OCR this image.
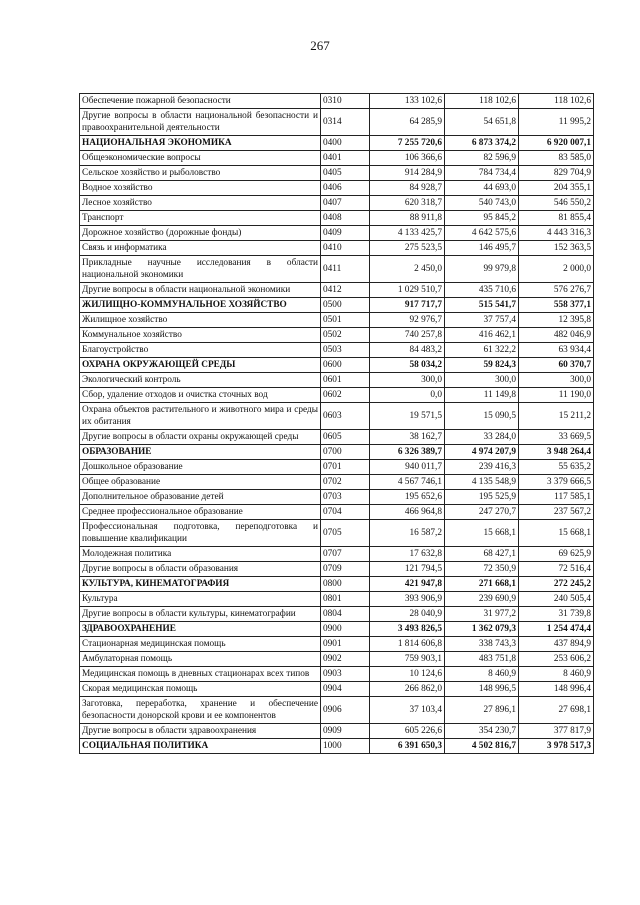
267
Обеспечение пожарной безопасности	0310	133 102,6	118 102,6	118 102,6
Другие вопросы в области национальной безопасности и правоохранительной деятельности	0314	64 285,9	54 651,8	11 995,2
НАЦИОНАЛЬНАЯ ЭКОНОМИКА	0400	7 255 720,6	6 873 374,2	6 920 007,1
Общеэкономические вопросы	0401	106 366,6	82 596,9	83 585,0
Сельское хозяйство и рыболовство	0405	914 284,9	784 734,4	829 704,9
Водное хозяйство	0406	84 928,7	44 693,0	204 355,1
Лесное хозяйство	0407	620 318,7	540 743,0	546 550,2
Транспорт	0408	88 911,8	95 845,2	81 855,4
Дорожное хозяйство (дорожные фонды)	0409	4 133 425,7	4 642 575,6	4 443 316,3
Связь и информатика	0410	275 523,5	146 495,7	152 363,5
Прикладные научные исследования в области национальной экономики	0411	2 450,0	99 979,8	2 000,0
Другие вопросы в области национальной экономики	0412	1 029 510,7	435 710,6	576 276,7
ЖИЛИЩНО-КОММУНАЛЬНОЕ ХОЗЯЙСТВО	0500	917 717,7	515 541,7	558 377,1
Жилищное хозяйство	0501	92 976,7	37 757,4	12 395,8
Коммунальное хозяйство	0502	740 257,8	416 462,1	482 046,9
Благоустройство	0503	84 483,2	61 322,2	63 934,4
ОХРАНА ОКРУЖАЮЩЕЙ СРЕДЫ	0600	58 034,2	59 824,3	60 370,7
Экологический контроль	0601	300,0	300,0	300,0
Сбор, удаление отходов и очистка сточных вод	0602	0,0	11 149,8	11 190,0
Охрана объектов растительного и животного мира и среды их обитания	0603	19 571,5	15 090,5	15 211,2
Другие вопросы в области охраны окружающей среды	0605	38 162,7	33 284,0	33 669,5
ОБРАЗОВАНИЕ	0700	6 326 389,7	4 974 207,9	3 948 264,4
Дошкольное образование	0701	940 011,7	239 416,3	55 635,2
Общее образование	0702	4 567 746,1	4 135 548,9	3 379 666,5
Дополнительное образование детей	0703	195 652,6	195 525,9	117 585,1
Среднее профессиональное образование	0704	466 964,8	247 270,7	237 567,2
Профессиональная подготовка, переподготовка и повышение квалификации	0705	16 587,2	15 668,1	15 668,1
Молодежная политика	0707	17 632,8	68 427,1	69 625,9
Другие вопросы в области образования	0709	121 794,5	72 350,9	72 516,4
КУЛЬТУРА, КИНЕМАТОГРАФИЯ	0800	421 947,8	271 668,1	272 245,2
Культура	0801	393 906,9	239 690,9	240 505,4
Другие вопросы в области культуры, кинематографии	0804	28 040,9	31 977,2	31 739,8
ЗДРАВООХРАНЕНИЕ	0900	3 493 826,5	1 362 079,3	1 254 474,4
Стационарная медицинская помощь	0901	1 814 606,8	338 743,3	437 894,9
Амбулаторная помощь	0902	759 903,1	483 751,8	253 606,2
Медицинская помощь в дневных стационарах всех типов	0903	10 124,6	8 460,9	8 460,9
Скорая медицинская помощь	0904	266 862,0	148 996,5	148 996,4
Заготовка, переработка, хранение и обеспечение безопасности донорской крови и ее компонентов	0906	37 103,4	27 896,1	27 698,1
Другие вопросы в области здравоохранения	0909	605 226,6	354 230,7	377 817,9
СОЦИАЛЬНАЯ ПОЛИТИКА	1000	6 391 650,3	4 502 816,7	3 978 517,3
